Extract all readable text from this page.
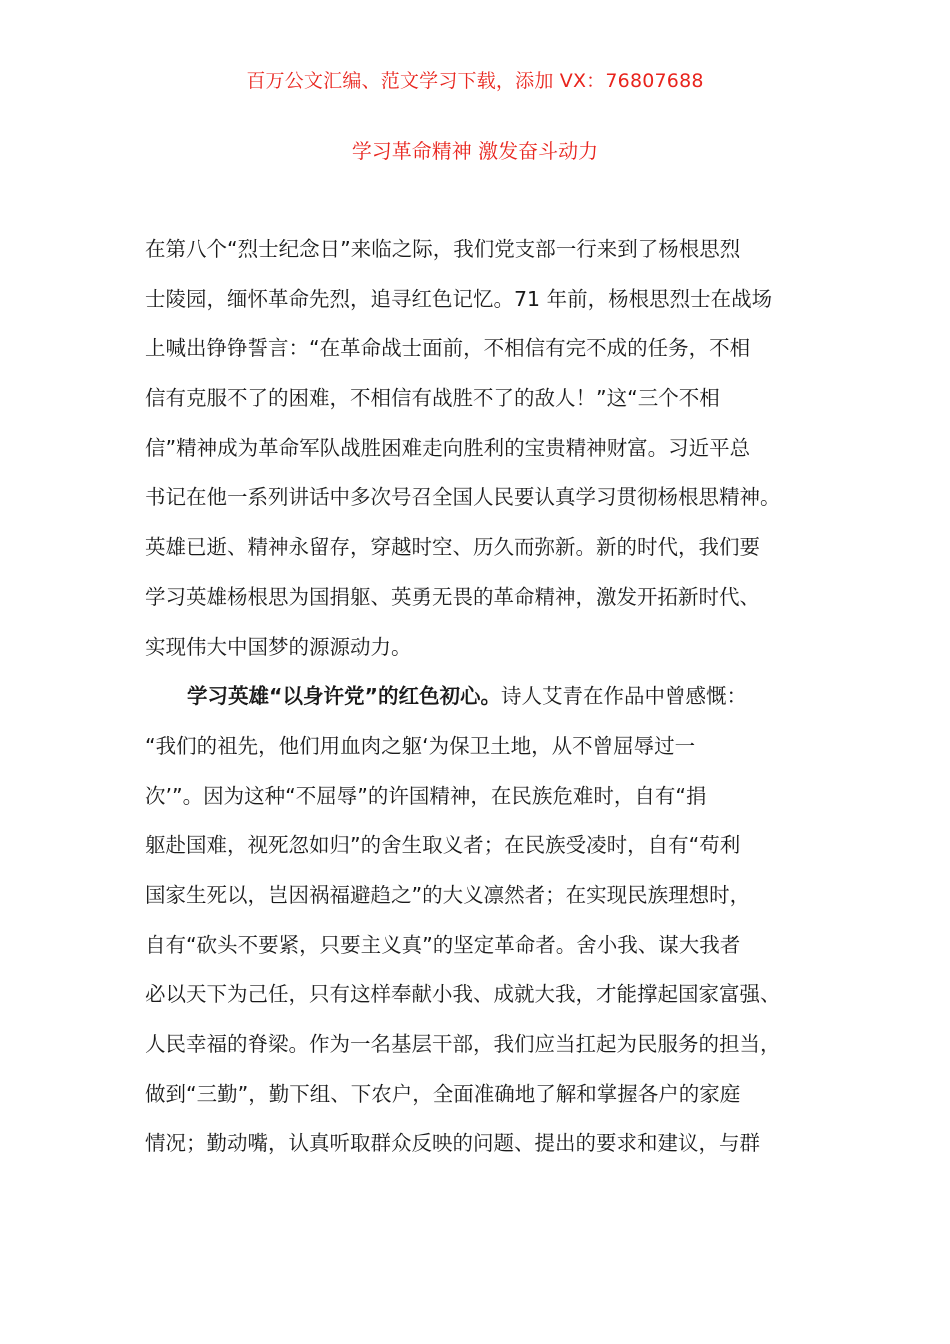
百万公文汇编、范文学习下载，添加 VX：76807688
学习革命精神 激发奋斗动力
在第八个“烈士纪念日”来临之际，我们党支部一行来到了杨根思烈
士陵园，缅怀革命先烈，追寻红色记忆。71 年前，杨根思烈士在战场
上喊出铮铮誓言：“在革命战士面前，不相信有完不成的任务，不相
信有克服不了的困难，不相信有战胜不了的敌人！”这“三个不相
信”精神成为革命军队战胜困难走向胜利的宝贵精神财富。习近平总
书记在他一系列讲话中多次号召全国人民要认真学习贯彻杨根思精神。
英雄已逝、精神永留存，穿越时空、历久而弥新。新的时代，我们要
学习英雄杨根思为国捐躯、英勇无畏的革命精神，激发开拓新时代、
实现伟大中国梦的源源动力。
学习英雄“以身许党”的红色初心。诗人艾青在作品中曾感慨：
“我们的祖先，他们用血肉之躯‘为保卫土地，从不曾屈辱过一
次’”。因为这种“不屈辱”的许国精神，在民族危难时，自有“捐
躯赴国难，视死忽如归”的舍生取义者；在民族受凌时，自有“苟利
国家生死以，岂因祸福避趋之”的大义凛然者；在实现民族理想时，
自有“砍头不要紧，只要主义真”的坚定革命者。舍小我、谋大我者
必以天下为己任，只有这样奉献小我、成就大我，才能撑起国家富强、
人民幸福的脊梁。作为一名基层干部，我们应当扛起为民服务的担当，
做到“三勤”，勤下组、下农户，全面准确地了解和掌握各户的家庭
情况；勤动嘴，认真听取群众反映的问题、提出的要求和建议，与群
